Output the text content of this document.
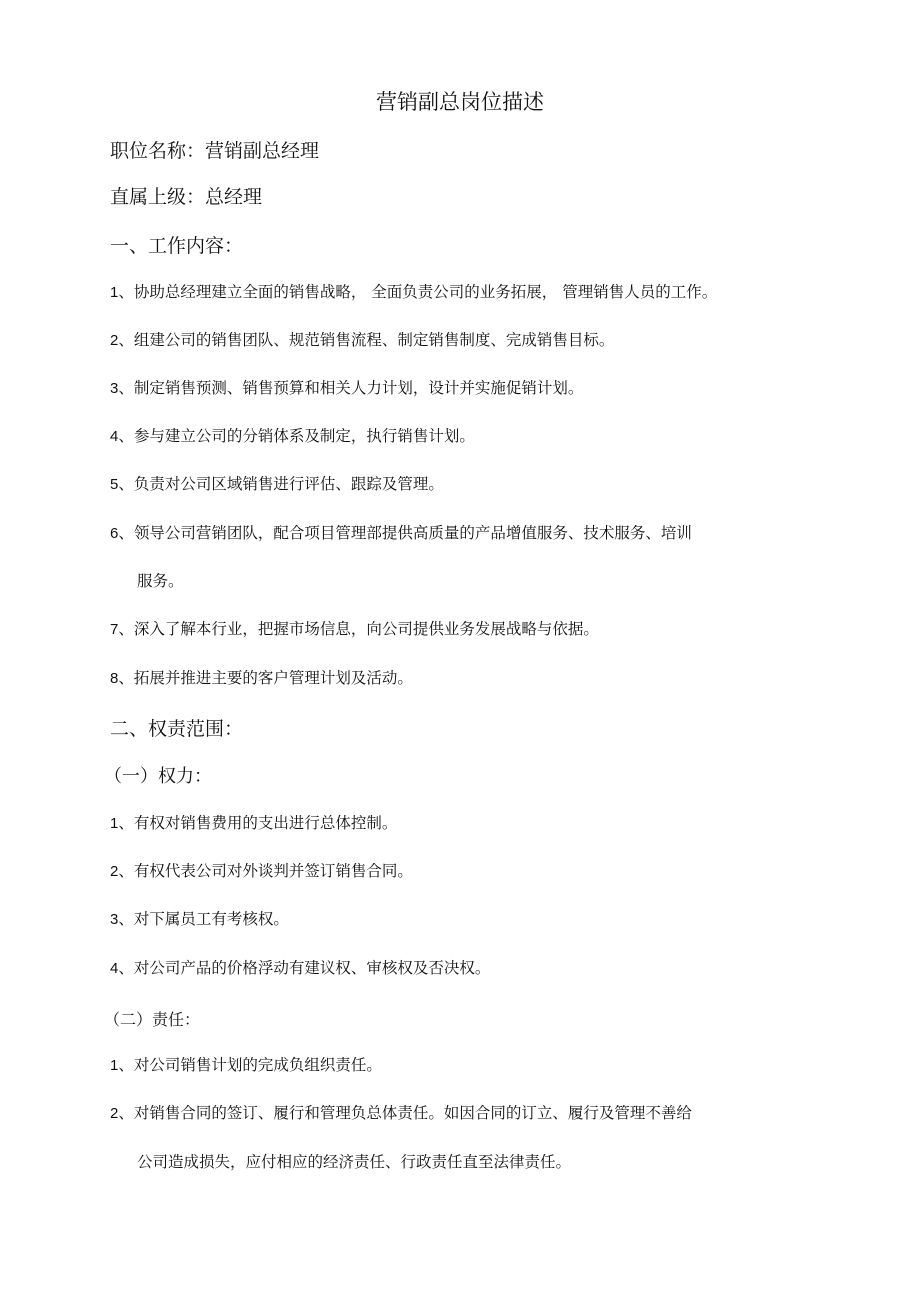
营销副总岗位描述
职位名称：营销副总经理
直属上级：总经理
一、工作内容：
1、协助总经理建立全面的销售战略， 全面负责公司的业务拓展， 管理销售人员的工作。
2、组建公司的销售团队、规范销售流程、制定销售制度、完成销售目标。
3、制定销售预测、销售预算和相关人力计划，设计并实施促销计划。
4、参与建立公司的分销体系及制定，执行销售计划。
5、负责对公司区域销售进行评估、跟踪及管理。
6、领导公司营销团队，配合项目管理部提供高质量的产品增值服务、技术服务、培训
服务。
7、深入了解本行业，把握市场信息，向公司提供业务发展战略与依据。
8、拓展并推进主要的客户管理计划及活动。
二、权责范围：
（一）权力：
1、有权对销售费用的支出进行总体控制。
2、有权代表公司对外谈判并签订销售合同。
3、对下属员工有考核权。
4、对公司产品的价格浮动有建议权、审核权及否决权。
（二）责任：
1、对公司销售计划的完成负组织责任。
2、对销售合同的签订、履行和管理负总体责任。如因合同的订立、履行及管理不善给
公司造成损失，应付相应的经济责任、行政责任直至法律责任。
